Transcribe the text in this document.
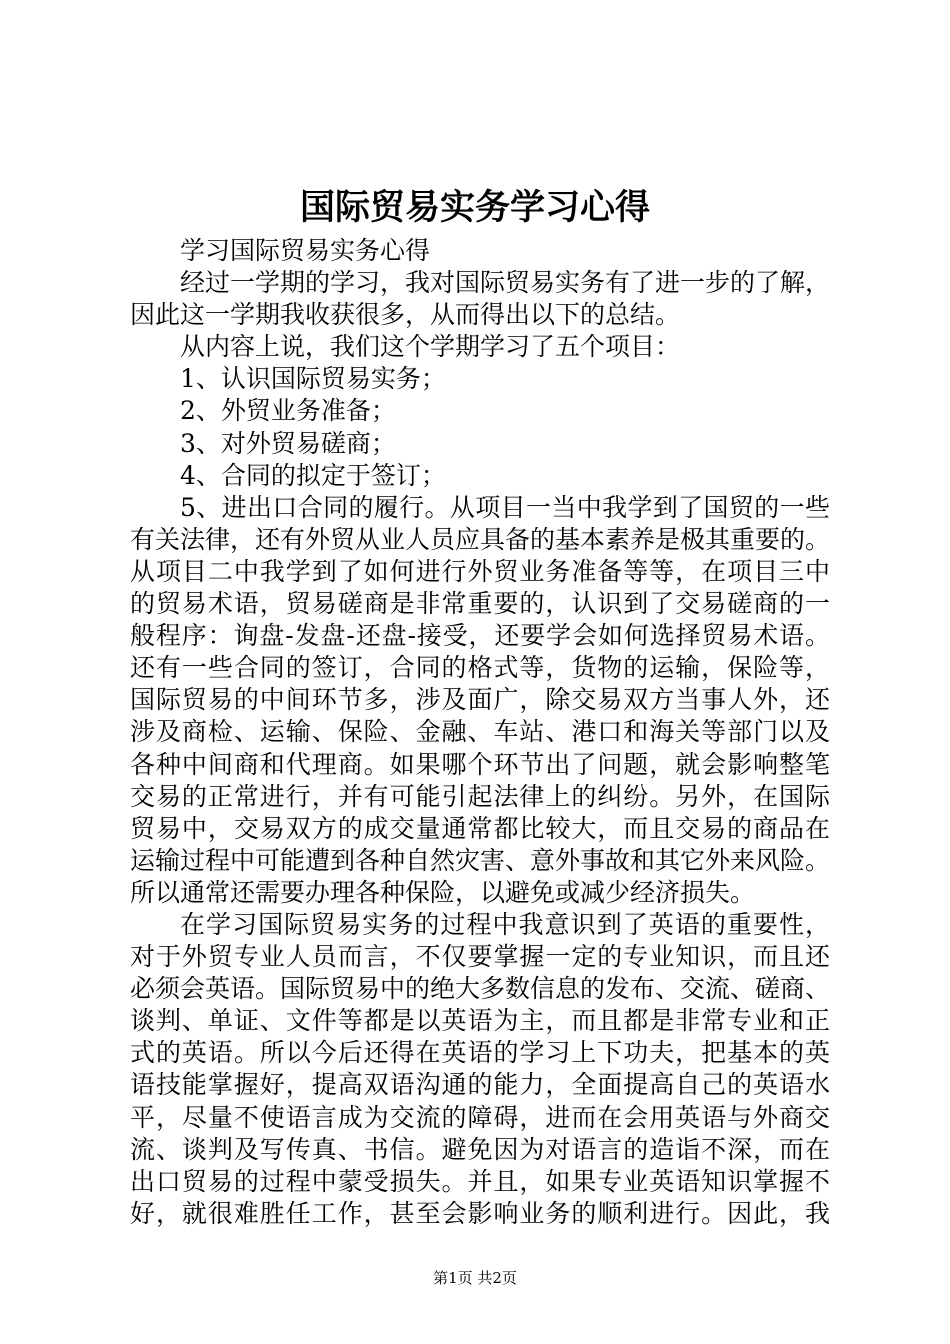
国际贸易实务学习心得
学习国际贸易实务心得
经过一学期的学习，我对国际贸易实务有了进一步的了解，
因此这一学期我收获很多，从而得出以下的总结。
从内容上说，我们这个学期学习了五个项目：
1、认识国际贸易实务；
2、外贸业务准备；
3、对外贸易磋商；
4、合同的拟定于签订；
5、进出口合同的履行。从项目一当中我学到了国贸的一些
有关法律，还有外贸从业人员应具备的基本素养是极其重要的。
从项目二中我学到了如何进行外贸业务准备等等，在项目三中
的贸易术语，贸易磋商是非常重要的，认识到了交易磋商的一
般程序：询盘-发盘-还盘-接受，还要学会如何选择贸易术语。
还有一些合同的签订，合同的格式等，货物的运输，保险等，
国际贸易的中间环节多，涉及面广，除交易双方当事人外，还
涉及商检、运输、保险、金融、车站、港口和海关等部门以及
各种中间商和代理商。如果哪个环节出了问题，就会影响整笔
交易的正常进行，并有可能引起法律上的纠纷。另外，在国际
贸易中，交易双方的成交量通常都比较大，而且交易的商品在
运输过程中可能遭到各种自然灾害、意外事故和其它外来风险。
所以通常还需要办理各种保险，以避免或减少经济损失。
在学习国际贸易实务的过程中我意识到了英语的重要性，
对于外贸专业人员而言，不仅要掌握一定的专业知识，而且还
必须会英语。国际贸易中的绝大多数信息的发布、交流、磋商、
谈判、单证、文件等都是以英语为主，而且都是非常专业和正
式的英语。所以今后还得在英语的学习上下功夫，把基本的英
语技能掌握好，提高双语沟通的能力，全面提高自己的英语水
平，尽量不使语言成为交流的障碍，进而在会用英语与外商交
流、谈判及写传真、书信。避免因为对语言的造诣不深，而在
出口贸易的过程中蒙受损失。并且，如果专业英语知识掌握不
好，就很难胜任工作，甚至会影响业务的顺利进行。因此，我
第1页 共2页
